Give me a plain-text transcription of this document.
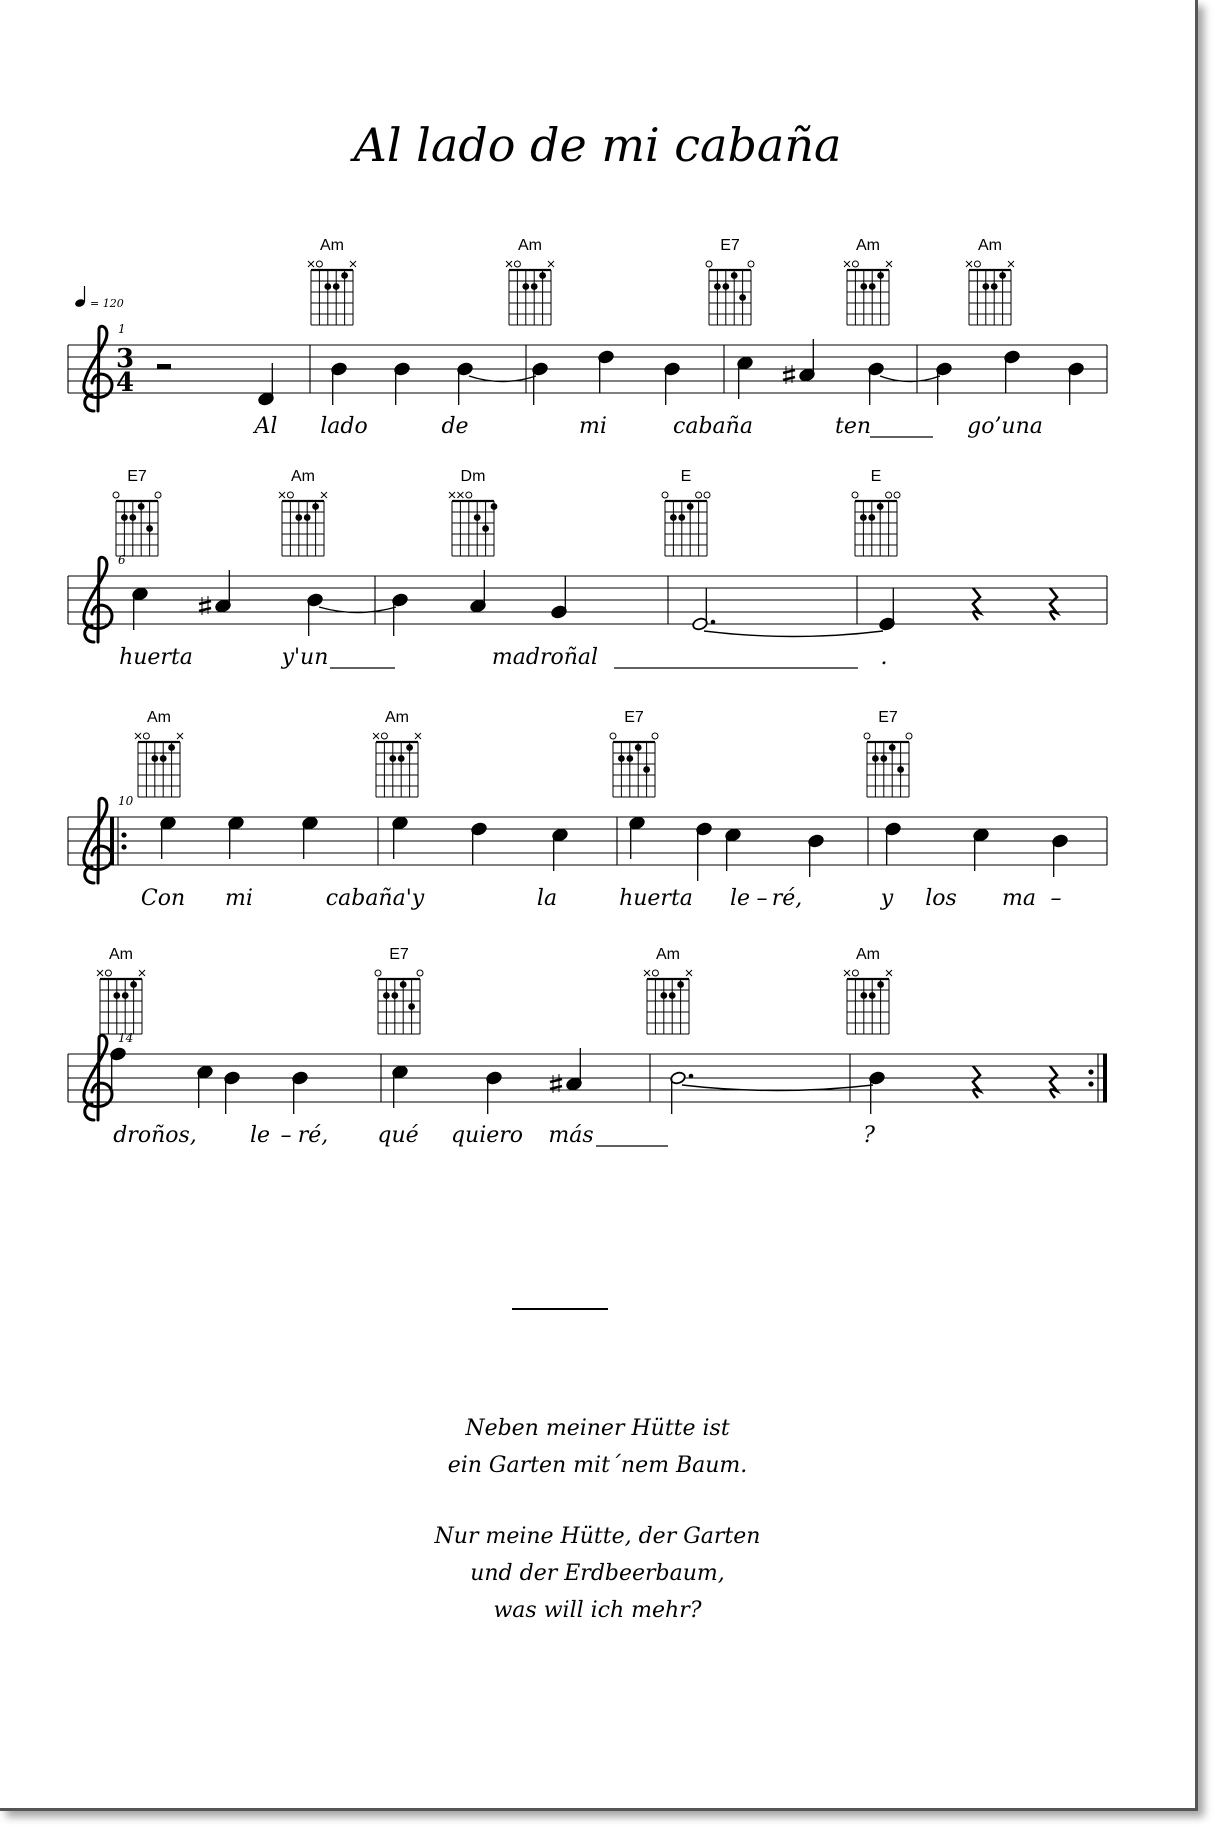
Al lado de mi cabaña
= 120
1
3
4
Am	Am	E7	Am	Am
Al lado	de	mi	cabaña	ten	go’una
6
E7	Am	Dm	E	E
huerta	y'un	madroñal	.
10
Am	Am	E7	E7
Con mi	cabaña'y	la	huerta le – ré,	y los ma –
14
Am	E7	Am	Am
droños, le – ré, qué quiero más	?
Neben meiner Hütte ist
ein Garten mit´nem Baum.
Nur meine Hütte, der Garten
und der Erdbeerbaum,
was will ich mehr?
